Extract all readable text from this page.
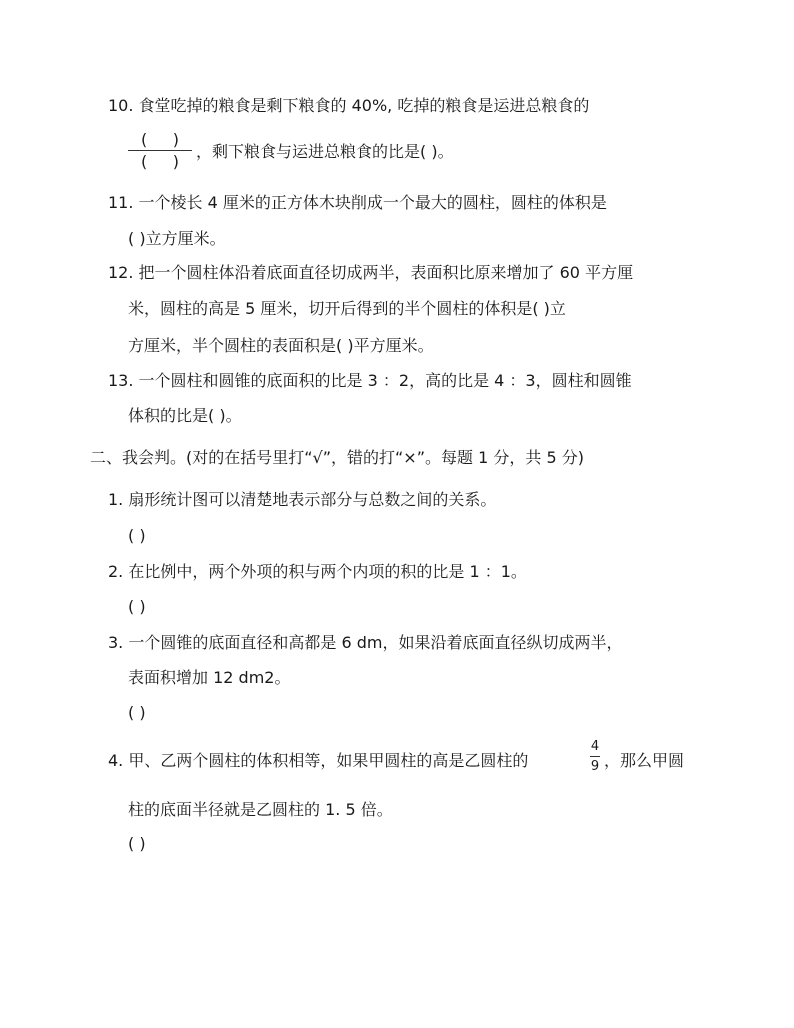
10. 食堂吃掉的粮食是剩下粮食的 40%, 吃掉的粮食是运进总粮食的
(     )
(     )
，剩下粮食与运进总粮食的比是( )。
11. 一个棱长 4 厘米的正方体木块削成一个最大的圆柱，圆柱的体积是
( )立方厘米。
12. 把一个圆柱体沿着底面直径切成两半，表面积比原来增加了 60 平方厘
米，圆柱的高是 5 厘米，切开后得到的半个圆柱的体积是( )立
方厘米，半个圆柱的表面积是( )平方厘米。
13. 一个圆柱和圆锥的底面积的比是 3 ：2，高的比是 4 ：3，圆柱和圆锥
体积的比是( )。
二、我会判。(对的在括号里打“√”，错的打“×”。每题 1 分，共 5 分)
1. 扇形统计图可以清楚地表示部分与总数之间的关系。
( )
2. 在比例中，两个外项的积与两个内项的积的比是 1 ：1。
( )
3. 一个圆锥的底面直径和高都是 6 dm，如果沿着底面直径纵切成两半，
表面积增加 12 dm2。
( )
4. 甲、乙两个圆柱的体积相等，如果甲圆柱的高是乙圆柱的
4
9 ，那么甲圆
柱的底面半径就是乙圆柱的 1. 5 倍。
( )
